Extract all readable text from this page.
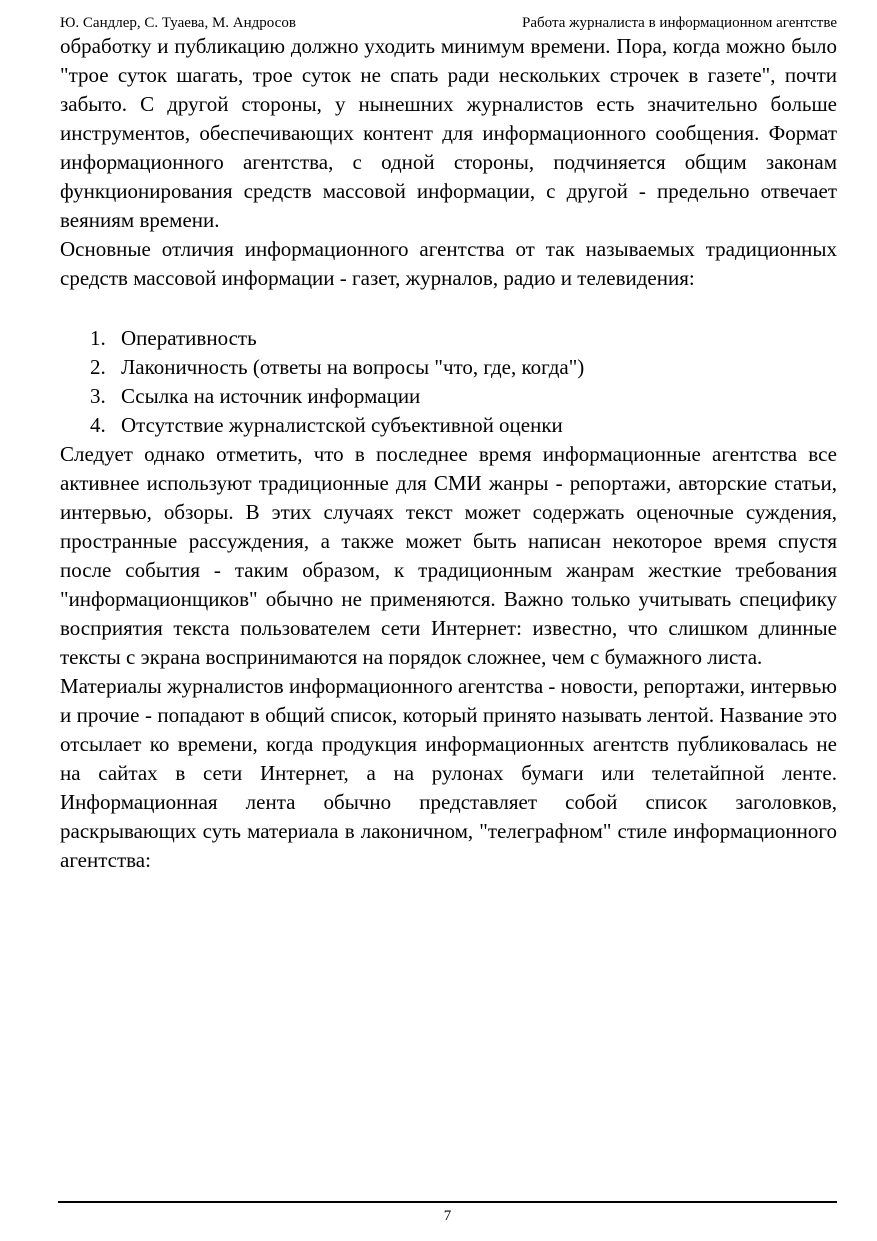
Ю. Сандлер, С. Туаева, М. Андросов	Работа журналиста в информационном агентстве

обработку и публикацию должно уходить минимум времени. Пора, когда можно было "трое суток шагать, трое суток не спать ради нескольких строчек в газете", почти забыто. С другой стороны, у нынешних журналистов есть значительно больше инструментов, обеспечивающих контент для информационного сообщения. Формат информационного агентства, с одной стороны, подчиняется общим законам функционирования средств массовой информации, с другой - предельно отвечает веяниям времени.

Основные отличия информационного агентства от так называемых традиционных средств массовой информации - газет, журналов, радио и телевидения:

1. Оперативность
2. Лаконичность (ответы на вопросы "что, где, когда")
3. Ссылка на источник информации
4. Отсутствие журналистской субъективной оценки

Следует однако отметить, что в последнее время информационные агентства все активнее используют традиционные для СМИ жанры - репортажи, авторские статьи, интервью, обзоры. В этих случаях текст может содержать оценочные суждения, пространные рассуждения, а также может быть написан некоторое время спустя после события - таким образом, к традиционным жанрам жесткие требования "информационщиков" обычно не применяются. Важно только учитывать специфику восприятия текста пользователем сети Интернет: известно, что слишком длинные тексты с экрана воспринимаются на порядок сложнее, чем с бумажного листа.

Материалы журналистов информационного агентства - новости, репортажи, интервью и прочие - попадают в общий список, который принято называть лентой. Название это отсылает ко времени, когда продукция информационных агентств публиковалась не на сайтах в сети Интернет, а на рулонах бумаги или телетайпной ленте. Информационная лента обычно представляет собой список заголовков, раскрывающих суть материала в лаконичном, "телеграфном" стиле информационного агентства:

7
